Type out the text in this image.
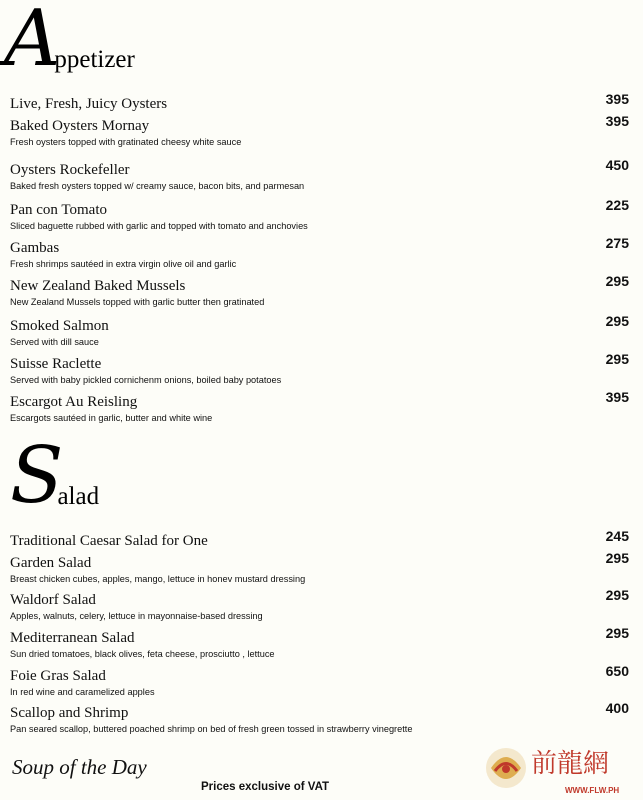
Appetizer
Live, Fresh, Juicy Oysters	395
Baked Oysters Mornay
Fresh oysters topped with gratinated cheesy white sauce
395
Oysters Rockefeller
Baked fresh oysters topped w/ creamy sauce, bacon bits, and parmesan
450
Pan con Tomato
Sliced baguette rubbed with garlic and topped with tomato and anchovies
225
Gambas
Fresh shrimps sautéed in extra virgin olive oil and garlic
275
New Zealand Baked Mussels
New Zealand Mussels topped with garlic butter then gratinated
295
Smoked Salmon
Served with dill sauce
295
Suisse Raclette
Served with baby pickled cornichenm onions, boiled baby potatoes
295
Escargot Au Reisling
Escargots sautéed in garlic, butter and white wine
395
Salad
Traditional Caesar Salad for One	245
Garden Salad
Breast chicken cubes, apples, mango, lettuce in honev mustard dressing
295
Waldorf Salad
Apples, walnuts, celery, lettuce in mayonnaise-based dressing
295
Mediterranean Salad
Sun dried tomatoes, black olives, feta cheese, prosciutto , lettuce
295
Foie Gras Salad
In red wine and caramelized apples
650
Scallop and Shrimp
Pan seared scallop, buttered poached shrimp on bed of fresh green tossed in strawberry vinegrette
400
Soup of the Day
Prices exclusive of VAT
前龍網
WWW.FLW.PH
